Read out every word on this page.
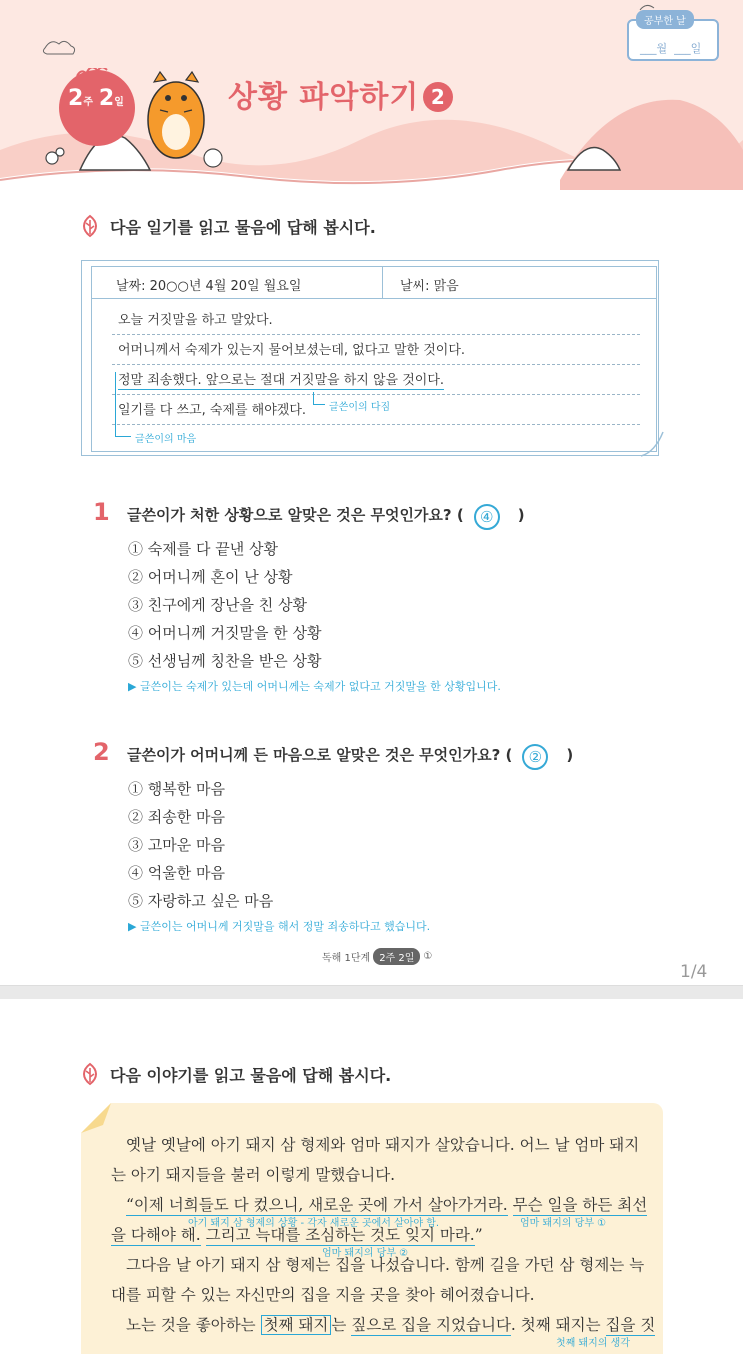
2주 2일	상황 파악하기 2
공부한 날
___월 ___일
다음 일기를 읽고 물음에 답해 봅시다.
날짜: 20○○년 4월 20일 월요일	날씨: 맑음
오늘 거짓말을 하고 말았다.
어머니께서 숙제가 있는지 물어보셨는데, 없다고 말한 것이다.
정말 죄송했다. 앞으로는 절대 거짓말을 하지 않을 것이다.
일기를 다 쓰고, 숙제를 해야겠다.	글쓴이의 다짐
글쓴이의 마음
1 글쓴이가 처한 상황으로 알맞은 것은 무엇인가요? ( ④ )
① 숙제를 다 끝낸 상황
② 어머니께 혼이 난 상황
③ 친구에게 장난을 친 상황
④ 어머니께 거짓말을 한 상황
⑤ 선생님께 칭찬을 받은 상황
▶ 글쓴이는 숙제가 있는데 어머니께는 숙제가 없다고 거짓말을 한 상황입니다.
2 글쓴이가 어머니께 든 마음으로 알맞은 것은 무엇인가요? ( ② )
① 행복한 마음
② 죄송한 마음
③ 고마운 마음
④ 억울한 마음
⑤ 자랑하고 싶은 마음
▶ 글쓴이는 어머니께 거짓말을 해서 정말 죄송하다고 했습니다.
독해 1단계 2주 2일 ①
1/4
다음 이야기를 읽고 물음에 답해 봅시다.
옛날 옛날에 아기 돼지 삼 형제와 엄마 돼지가 살았습니다. 어느 날 엄마 돼지
는 아기 돼지들을 불러 이렇게 말했습니다.
“이제 너희들도 다 컸으니, 새로운 곳에 가서 살아가거라. 무슨 일을 하든 최선
아기 돼지 삼 형제의 상황 - 각자 새로운 곳에서 살아야 함.	엄마 돼지의 당부 ①
을 다해야 해. 그리고 늑대를 조심하는 것도 잊지 마라.”
엄마 돼지의 당부 ②
그다음 날 아기 돼지 삼 형제는 집을 나섰습니다. 함께 길을 가던 삼 형제는 늑
대를 피할 수 있는 자신만의 집을 지을 곳을 찾아 헤어졌습니다.
노는 것을 좋아하는 첫째 돼지 는 짚으로 집을 지었습니다. 첫째 돼지는 집을 짓
첫째 돼지의 생각
